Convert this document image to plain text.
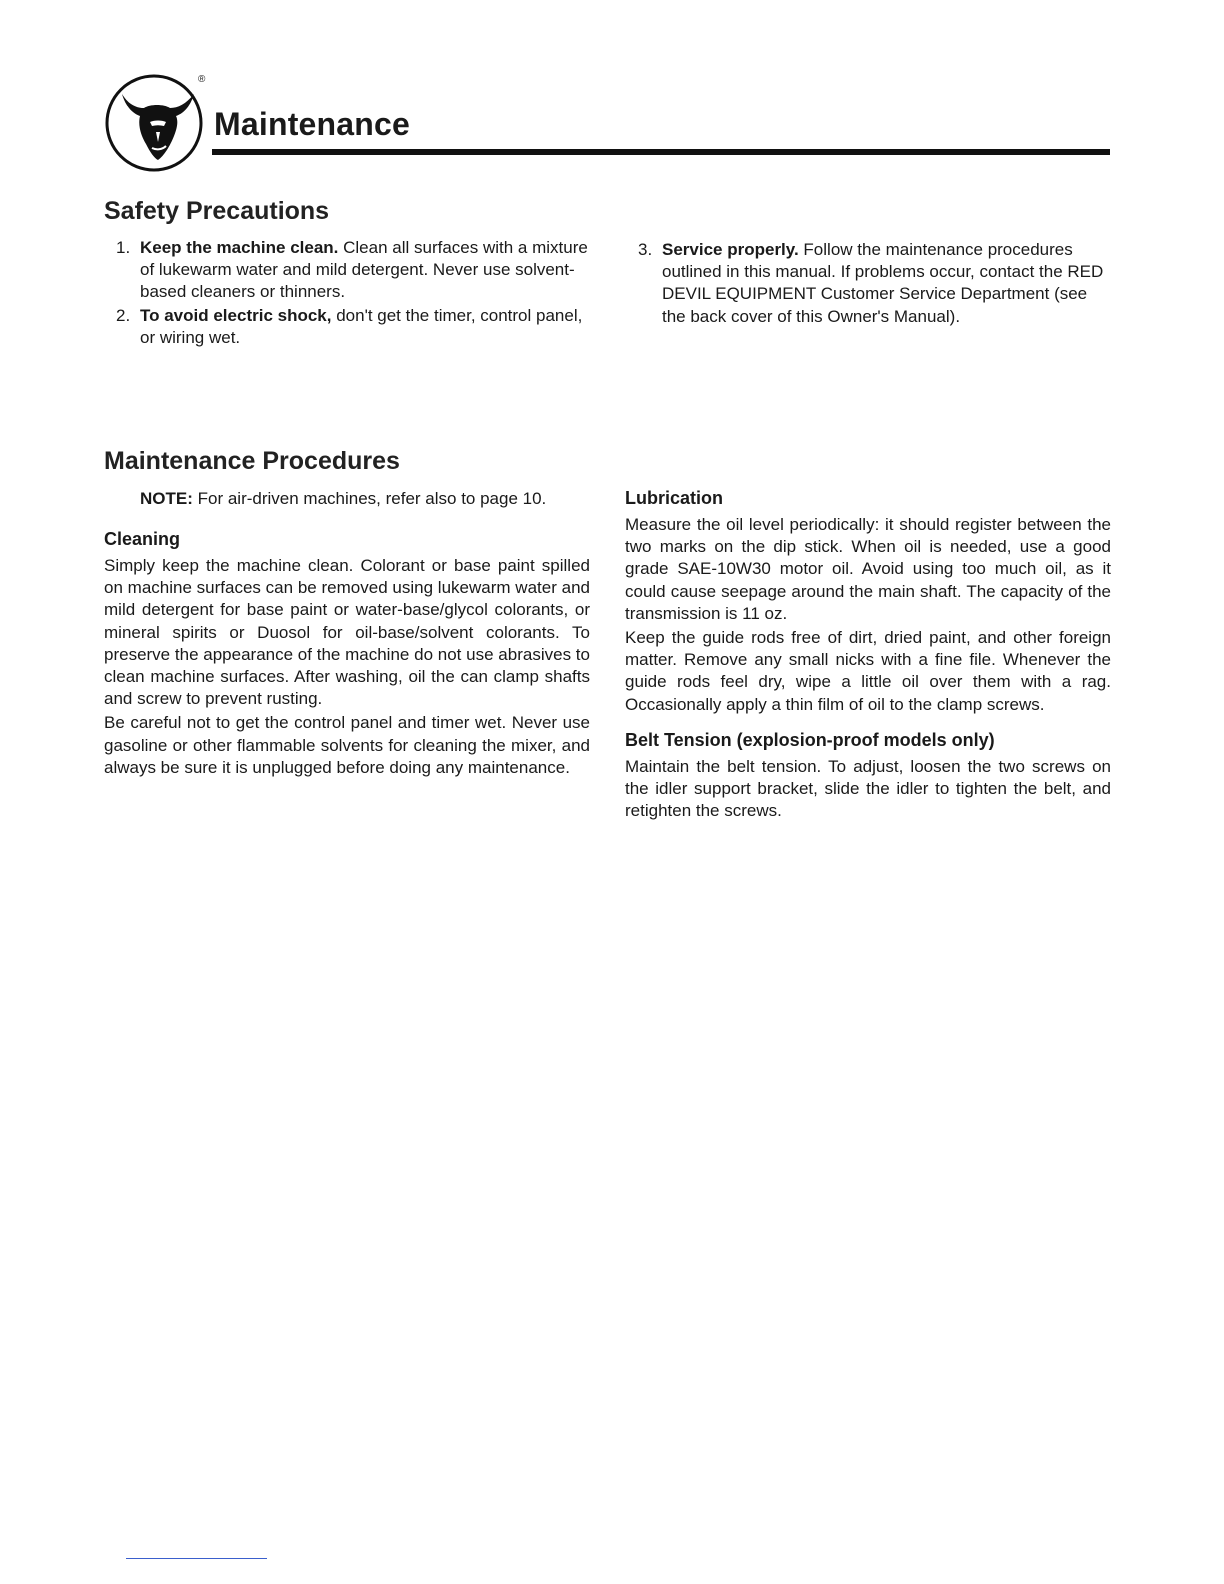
®
Maintenance
Safety Precautions
1. Keep the machine clean. Clean all surfaces with a mixture of lukewarm water and mild detergent. Never use solvent-based cleaners or thinners.
2. To avoid electric shock, don't get the timer, control panel, or wiring wet.
3. Service properly. Follow the maintenance procedures outlined in this manual. If problems occur, contact the RED DEVIL EQUIPMENT Customer Service Department (see the back cover of this Owner's Manual).
Maintenance Procedures
NOTE: For air-driven machines, refer also to page 10.
Cleaning

Simply keep the machine clean. Colorant or base paint spilled on machine surfaces can be removed using lukewarm water and mild detergent for base paint or water-base/glycol colorants, or mineral spirits or Duosol for oil-base/solvent colorants. To preserve the appearance of the machine do not use abrasives to clean machine surfaces. After washing, oil the can clamp shafts and screw to prevent rusting.

Be careful not to get the control panel and timer wet. Never use gasoline or other flammable solvents for cleaning the mixer, and always be sure it is unplugged before doing any maintenance.

Lubrication

Measure the oil level periodically: it should register between the two marks on the dip stick. When oil is needed, use a good grade SAE-10W30 motor oil. Avoid using too much oil, as it could cause seepage around the main shaft. The capacity of the transmission is 11 oz.

Keep the guide rods free of dirt, dried paint, and other foreign matter. Remove any small nicks with a fine file. Whenever the guide rods feel dry, wipe a little oil over them with a rag. Occasionally apply a thin film of oil to the clamp screws.

Belt Tension (explosion-proof models only)

Maintain the belt tension. To adjust, loosen the two screws on the idler support bracket, slide the idler to tighten the belt, and retighten the screws.
